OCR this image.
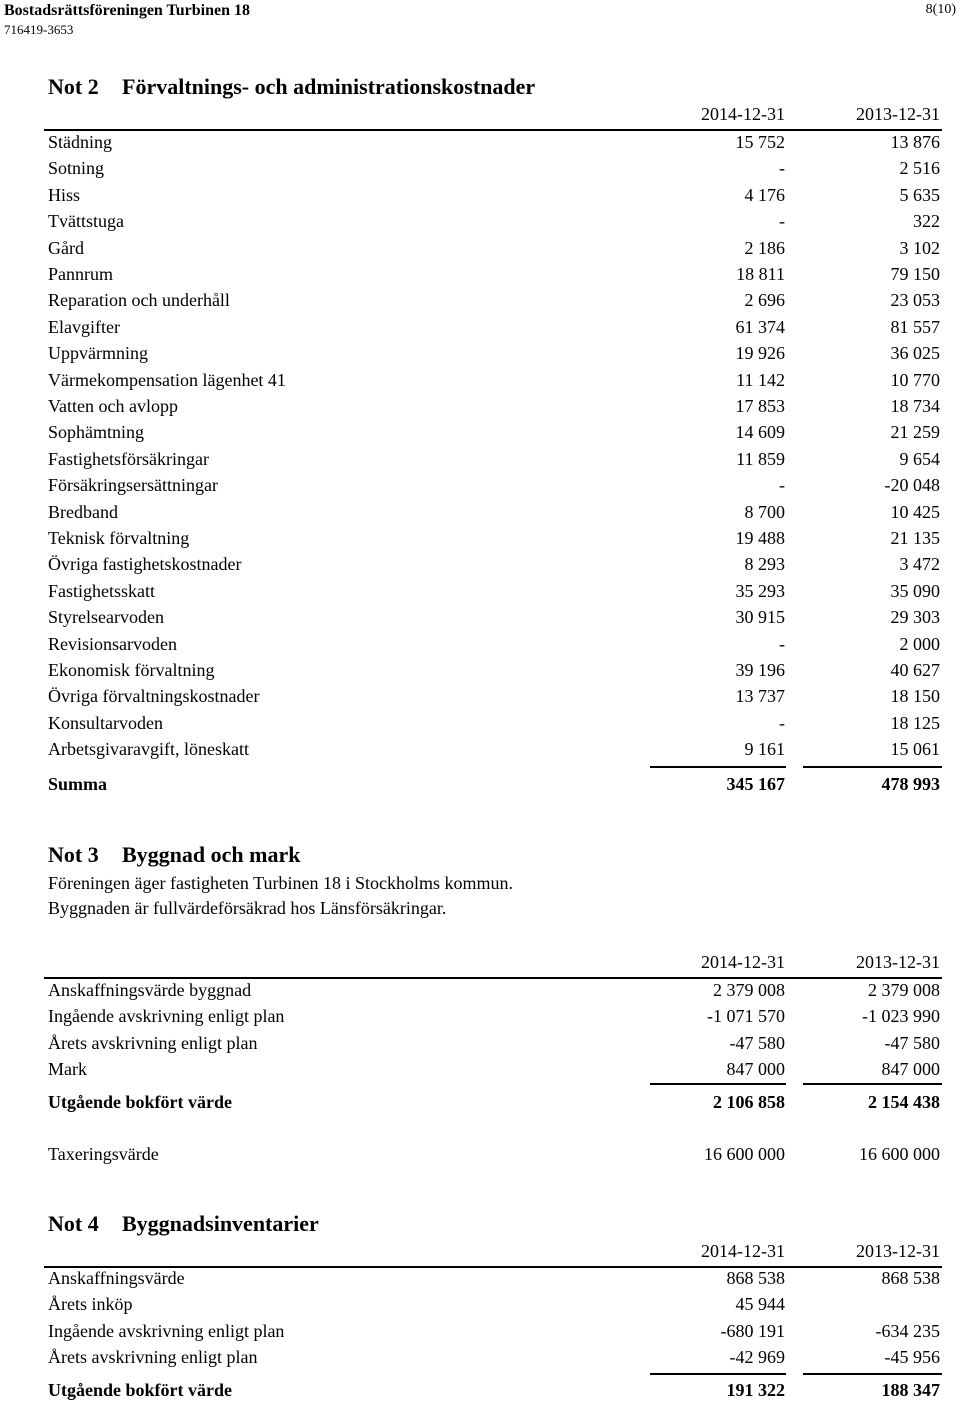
Bostadsrättsföreningen Turbinen 18
716419-3653
8(10)
Not 2 Förvaltnings- och administrationskostnader
2014-12-31	2013-12-31
Städning	15 752	13 876
Sotning	-	2 516
Hiss	4 176	5 635
Tvättstuga	-	322
Gård	2 186	3 102
Pannrum	18 811	79 150
Reparation och underhåll	2 696	23 053
Elavgifter	61 374	81 557
Uppvärmning	19 926	36 025
Värmekompensation lägenhet 41	11 142	10 770
Vatten och avlopp	17 853	18 734
Sophämtning	14 609	21 259
Fastighetsförsäkringar	11 859	9 654
Försäkringsersättningar	-	-20 048
Bredband	8 700	10 425
Teknisk förvaltning	19 488	21 135
Övriga fastighetskostnader	8 293	3 472
Fastighetsskatt	35 293	35 090
Styrelsearvoden	30 915	29 303
Revisionsarvoden	-	2 000
Ekonomisk förvaltning	39 196	40 627
Övriga förvaltningskostnader	13 737	18 150
Konsultarvoden	-	18 125
Arbetsgivaravgift, löneskatt	9 161	15 061
Summa	345 167	478 993
Not 3 Byggnad och mark
Föreningen äger fastigheten Turbinen 18 i Stockholms kommun.
Byggnaden är fullvärdeförsäkrad hos Länsförsäkringar.
2014-12-31	2013-12-31
Anskaffningsvärde byggnad	2 379 008	2 379 008
Ingående avskrivning enligt plan	-1 071 570	-1 023 990
Årets avskrivning enligt plan	-47 580	-47 580
Mark	847 000	847 000
Utgående bokfört värde	2 106 858	2 154 438
Taxeringsvärde	16 600 000	16 600 000
Not 4 Byggnadsinventarier
2014-12-31	2013-12-31
Anskaffningsvärde	868 538	868 538
Årets inköp	45 944
Ingående avskrivning enligt plan	-680 191	-634 235
Årets avskrivning enligt plan	-42 969	-45 956
Utgående bokfört värde	191 322	188 347
